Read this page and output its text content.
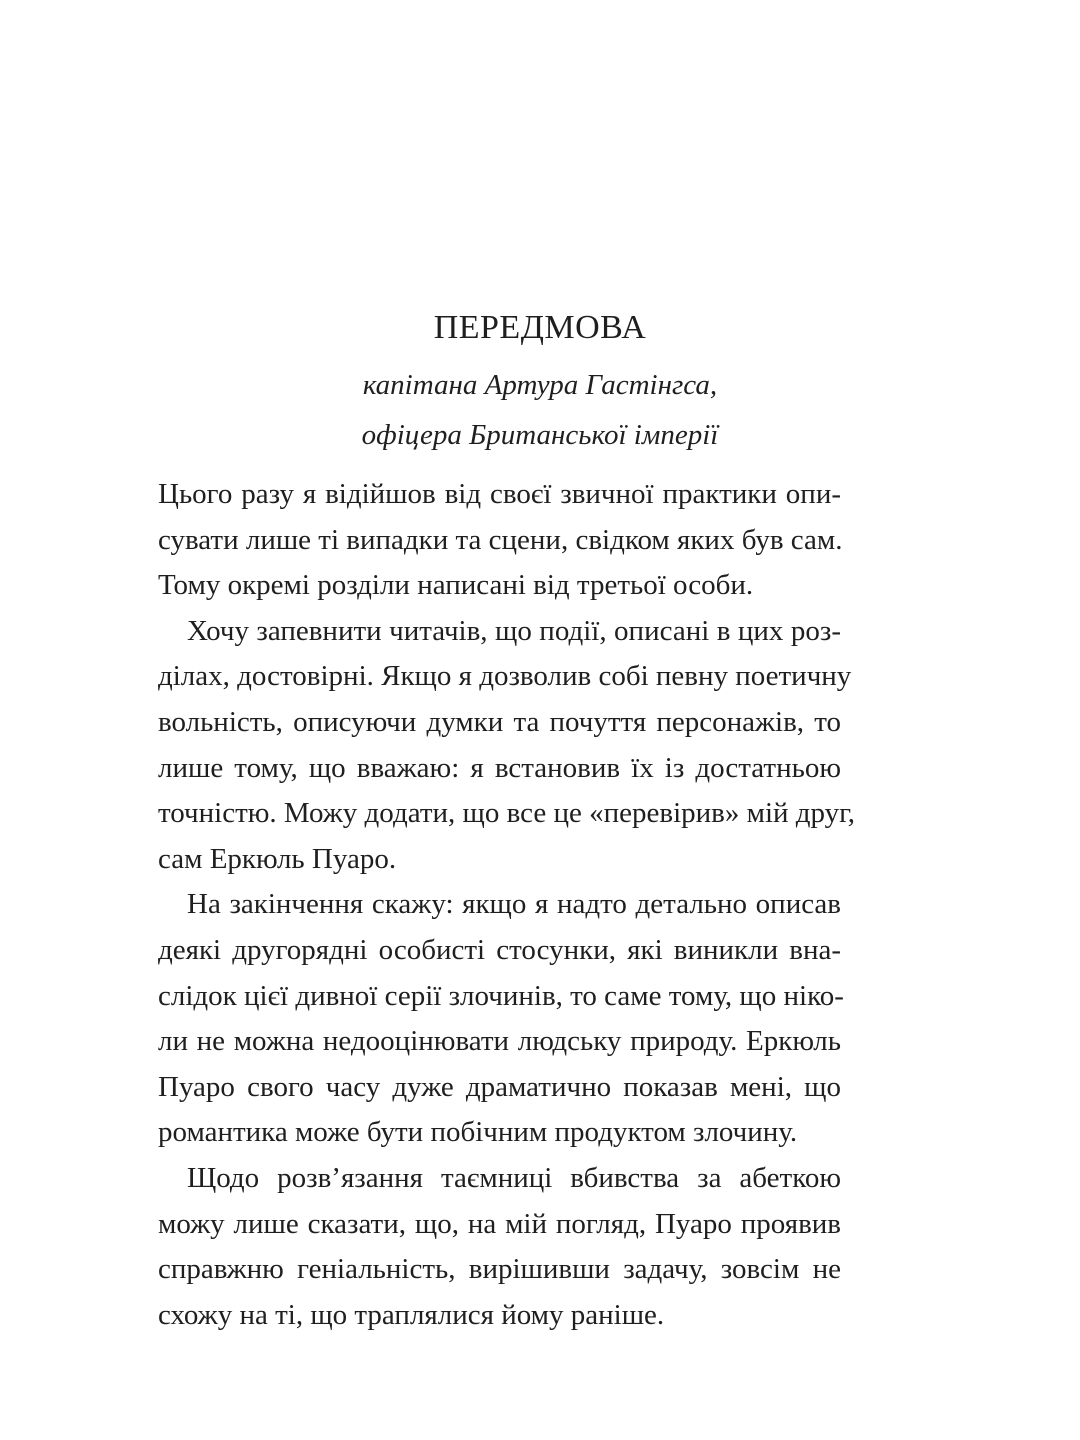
ПЕРЕДМОВА
капітана Артура Гастінгса,
офіцера Британської імперії
Цього разу я відійшов від своєї звичної практики опи-
сувати лише ті випадки та сцени, свідком яких був сам.
Тому окремі розділи написані від третьої особи.
Хочу запевнити читачів, що події, описані в цих роз-
ділах, достовірні. Якщо я дозволив собі певну поетичну
вольність, описуючи думки та почуття персонажів, то
лише тому, що вважаю: я встановив їх із достатньою
точністю. Можу додати, що все це «перевірив» мій друг,
сам Еркюль Пуаро.
На закінчення скажу: якщо я надто детально описав
деякі другорядні особисті стосунки, які виникли вна-
слідок цієї дивної серії злочинів, то саме тому, що ніко-
ли не можна недооцінювати людську природу. Еркюль
Пуаро свого часу дуже драматично показав мені, що
романтика може бути побічним продуктом злочину.
Щодо розв’язання таємниці вбивства за абеткою
можу лише сказати, що, на мій погляд, Пуаро проявив
справжню геніальність, вирішивши задачу, зовсім не
схожу на ті, що траплялися йому раніше.
